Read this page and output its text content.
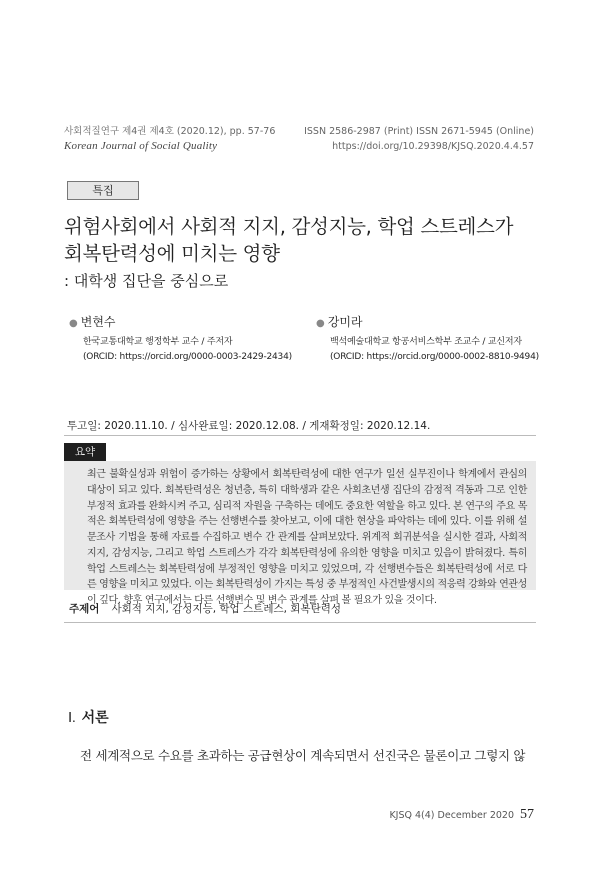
사회적질연구 제4권 제4호 (2020.12), pp. 57-76
Korean Journal of Social Quality
ISSN 2586-2987 (Print) ISSN 2671-5945 (Online)
https://doi.org/10.29398/KJSQ.2020.4.4.57
특집
위험사회에서 사회적 지지, 감성지능, 학업 스트레스가
회복탄력성에 미치는 영향
: 대학생 집단을 중심으로
● 변현수
한국교통대학교 행정학부 교수 / 주저자
(ORCID: https://orcid.org/0000-0003-2429-2434)
● 강미라
백석예술대학교 항공서비스학부 조교수 / 교신저자
(ORCID: https://orcid.org/0000-0002-8810-9494)
투고일: 2020.11.10. / 심사완료일: 2020.12.08. / 게재확정일: 2020.12.14.
요약

최근 불확실성과 위험이 증가하는 상황에서 회복탄력성에 대한 연구가 일선 실무진이나 학계에서 관심의 대상이 되고 있다. 회복탄력성은 청년층, 특히 대학생과 같은 사회초년생 집단의 감정적 격동과 그로 인한 부정적 효과를 완화시켜 주고, 심리적 자원을 구축하는 데에도 중요한 역할을 하고 있다. 본 연구의 주요 목적은 회복탄력성에 영향을 주는 선행변수를 찾아보고, 이에 대한 현상을 파악하는 데에 있다. 이를 위해 설문조사 기법을 통해 자료를 수집하고 변수 간 관계를 살펴보았다. 위계적 회귀분석을 실시한 결과, 사회적 지지, 감성지능, 그리고 학업 스트레스가 각각 회복탄력성에 유의한 영향을 미치고 있음이 밝혀졌다. 특히 학업 스트레스는 회복탄력성에 부정적인 영향을 미치고 있었으며, 각 선행변수들은 회복탄력성에 서로 다른 영향을 미치고 있었다. 이는 회복탄력성이 가지는 특성 중 부정적인 사건발생시의 적응력 강화와 연관성이 깊다. 향후 연구에서는 다른 선행변수 및 변수 관계를 살펴 볼 필요가 있을 것이다.

주제어 사회적 지지, 감성지능, 학업 스트레스, 회복탄력성
Ⅰ. 서론
전 세계적으로 수요를 초과하는 공급현상이 계속되면서 선진국은 물론이고 그렇지 않
KJSQ 4(4) December 2020 57
